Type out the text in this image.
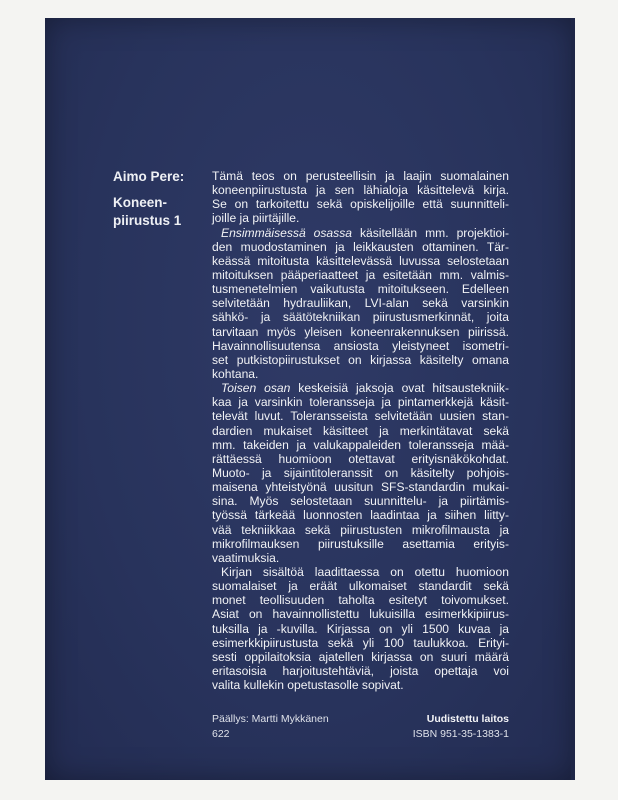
Aimo Pere:
Koneen-
piirustus 1
Tämä teos on perusteellisin ja laajin suomalainen
koneenpiirustusta ja sen lähialoja käsittelevä kirja.
Se on tarkoitettu sekä opiskelijoille että suunnitteli-
joille ja piirtäjille.
Ensimmäisessä osassa käsitellään mm. projektioi-
den muodostaminen ja leikkausten ottaminen. Tär-
keässä mitoitusta käsittelevässä luvussa selostetaan
mitoituksen pääperiaatteet ja esitetään mm. valmis-
tusmenetelmien vaikutusta mitoitukseen. Edelleen
selvitetään hydrauliikan, LVI-alan sekä varsinkin
sähkö- ja säätötekniikan piirustusmerkinnät, joita
tarvitaan myös yleisen koneenrakennuksen piirissä.
Havainnollisuutensa ansiosta yleistyneet isometri-
set putkistopiirustukset on kirjassa käsitelty omana
kohtana.
Toisen osan keskeisiä jaksoja ovat hitsaustekniik-
kaa ja varsinkin toleransseja ja pintamerkkejä käsit-
televät luvut. Toleransseista selvitetään uusien stan-
dardien mukaiset käsitteet ja merkintätavat sekä
mm. takeiden ja valukappaleiden toleransseja mää-
rättäessä huomioon otettavat erityisnäkökohdat.
Muoto- ja sijaintitoleranssit on käsitelty pohjois-
maisena yhteistyönä uusitun SFS-standardin mukai-
sina. Myös selostetaan suunnittelu- ja piirtämis-
työssä tärkeää luonnosten laadintaa ja siihen liitty-
vää tekniikkaa sekä piirustusten mikrofilmausta ja
mikrofilmauksen piirustuksille asettamia erityis-
vaatimuksia.
Kirjan sisältöä laadittaessa on otettu huomioon
suomalaiset ja eräät ulkomaiset standardit sekä
monet teollisuuden taholta esitetyt toivomukset.
Asiat on havainnollistettu lukuisilla esimerkkipiirus-
tuksilla ja -kuvilla. Kirjassa on yli 1500 kuvaa ja
esimerkkipiirustusta sekä yli 100 taulukkoa. Erityi-
sesti oppilaitoksia ajatellen kirjassa on suuri määrä
eritasoisia harjoitustehtäviä, joista opettaja voi
valita kullekin opetustasolle sopivat.
Päällys: Martti Mykkänen
622
Uudistettu laitos
ISBN 951-35-1383-1
